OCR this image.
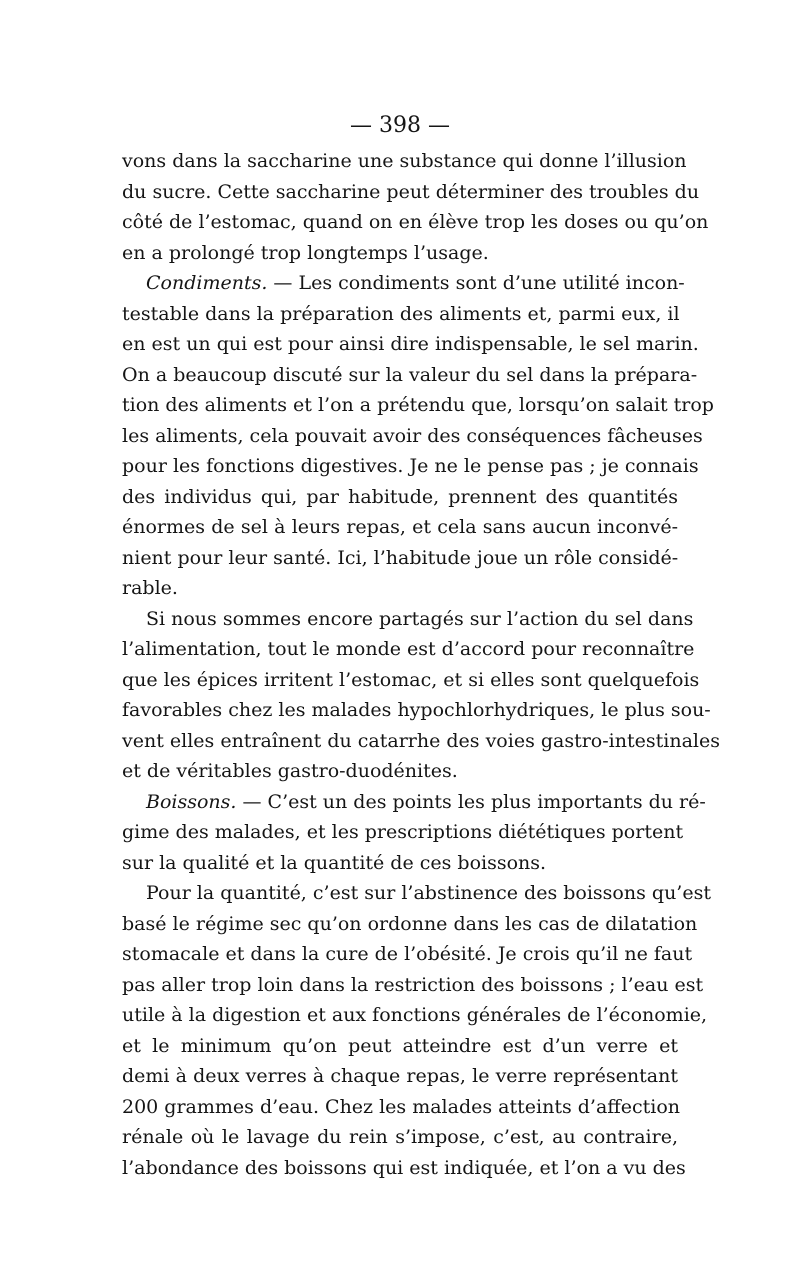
— 398 —
vons dans la saccharine une substance qui donne l’illusion
du sucre. Cette saccharine peut déterminer des troubles du
côté de l’estomac, quand on en élève trop les doses ou qu’on
en a prolongé trop longtemps l’usage.
Condiments. — Les condiments sont d’une utilité incon-
testable dans la préparation des aliments et, parmi eux, il
en est un qui est pour ainsi dire indispensable, le sel marin.
On a beaucoup discuté sur la valeur du sel dans la prépara-
tion des aliments et l’on a prétendu que, lorsqu’on salait trop
les aliments, cela pouvait avoir des conséquences fâcheuses
pour les fonctions digestives. Je ne le pense pas ; je connais
des individus qui, par habitude, prennent des quantités
énormes de sel à leurs repas, et cela sans aucun inconvé-
nient pour leur santé. Ici, l’habitude joue un rôle considé-
rable.
Si nous sommes encore partagés sur l’action du sel dans
l’alimentation, tout le monde est d’accord pour reconnaître
que les épices irritent l’estomac, et si elles sont quelquefois
favorables chez les malades hypochlorhydriques, le plus sou-
vent elles entraînent du catarrhe des voies gastro-intestinales
et de véritables gastro-duodénites.
Boissons. — C’est un des points les plus importants du ré-
gime des malades, et les prescriptions diététiques portent
sur la qualité et la quantité de ces boissons.
Pour la quantité, c’est sur l’abstinence des boissons qu’est
basé le régime sec qu’on ordonne dans les cas de dilatation
stomacale et dans la cure de l’obésité. Je crois qu’il ne faut
pas aller trop loin dans la restriction des boissons ; l’eau est
utile à la digestion et aux fonctions générales de l’économie,
et le minimum qu’on peut atteindre est d’un verre et
demi à deux verres à chaque repas, le verre représentant
200 grammes d’eau. Chez les malades atteints d’affection
rénale où le lavage du rein s’impose, c’est, au contraire,
l’abondance des boissons qui est indiquée, et l’on a vu des
